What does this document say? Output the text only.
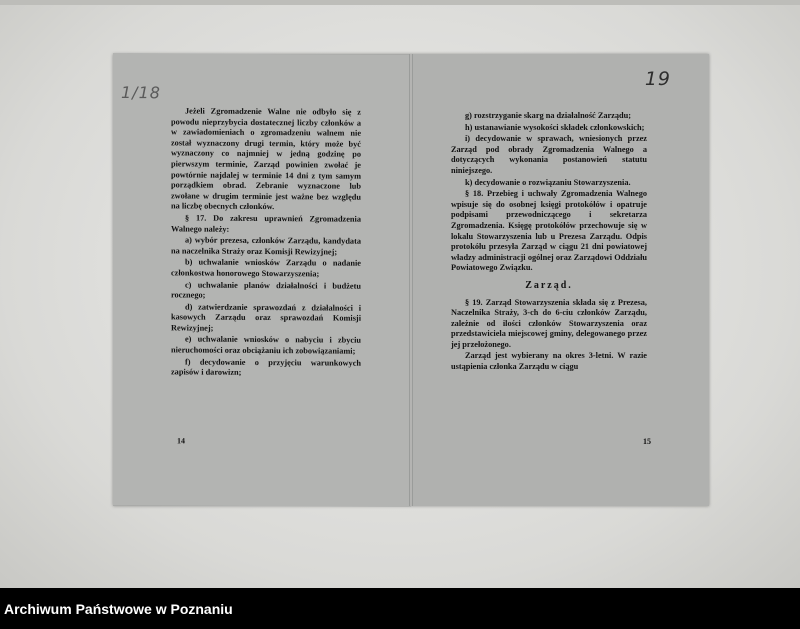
1/18

Jeżeli Zgromadzenie Walne nie odbyło się z powodu nieprzybycia dostatecznej liczby członków a w zawiadomieniach o zgromadzeniu walnem nie został wyznaczony drugi termin, który może być wyznaczony co najmniej w jedną godzinę po pierwszym terminie, Zarząd powinien zwołać je powtórnie najdalej w terminie 14 dni z tym samym porządkiem obrad. Zebranie wyznaczone lub zwołane w drugim terminie jest ważne bez względu na liczbę obecnych członków.

§ 17. Do zakresu uprawnień Zgromadzenia Walnego należy:

a) wybór prezesa, członków Zarządu, kandydata na naczelnika Straży oraz Komisji Rewizyjnej;

b) uchwalanie wniosków Zarządu o nadanie członkostwa honorowego Stowarzyszenia;

c) uchwalanie planów działalności i budżetu rocznego;

d) zatwierdzanie sprawozdań z działalności i kasowych Zarządu oraz sprawozdań Komisji Rewizyjnej;

e) uchwalanie wniosków o nabyciu i zbyciu nieruchomości oraz obciążaniu ich zobowiązaniami;

f) decydowanie o przyjęciu warunkowych zapisów i darowizn;

14
19

g) rozstrzyganie skarg na działalność Zarządu;

h) ustanawianie wysokości składek członkowskich;

i) decydowanie w sprawach, wniesionych przez Zarząd pod obrady Zgromadzenia Walnego a dotyczących wykonania postanowień statutu niniejszego.

k) decydowanie o rozwiązaniu Stowarzyszenia.

§ 18. Przebieg i uchwały Zgromadzenia Walnego wpisuje się do osobnej księgi protokółów i opatruje podpisami przewodniczącego i sekretarza Zgromadzenia. Księgę protokółów przechowuje się w lokalu Stowarzyszenia lub u Prezesa Zarządu. Odpis protokółu przesyła Zarząd w ciągu 21 dni powiatowej władzy administracji ogólnej oraz Zarządowi Oddziału Powiatowego Związku.

Zarząd.

§ 19. Zarząd Stowarzyszenia składa się z Prezesa, Naczelnika Straży, 3-ch do 6-ciu członków Zarządu, zależnie od ilości członków Stowarzyszenia oraz przedstawiciela miejscowej gminy, delegowanego przez jej przełożonego.

Zarząd jest wybierany na okres 3-letni. W razie ustąpienia członka Zarządu w ciągu

15
Archiwum Państwowe w Poznaniu
